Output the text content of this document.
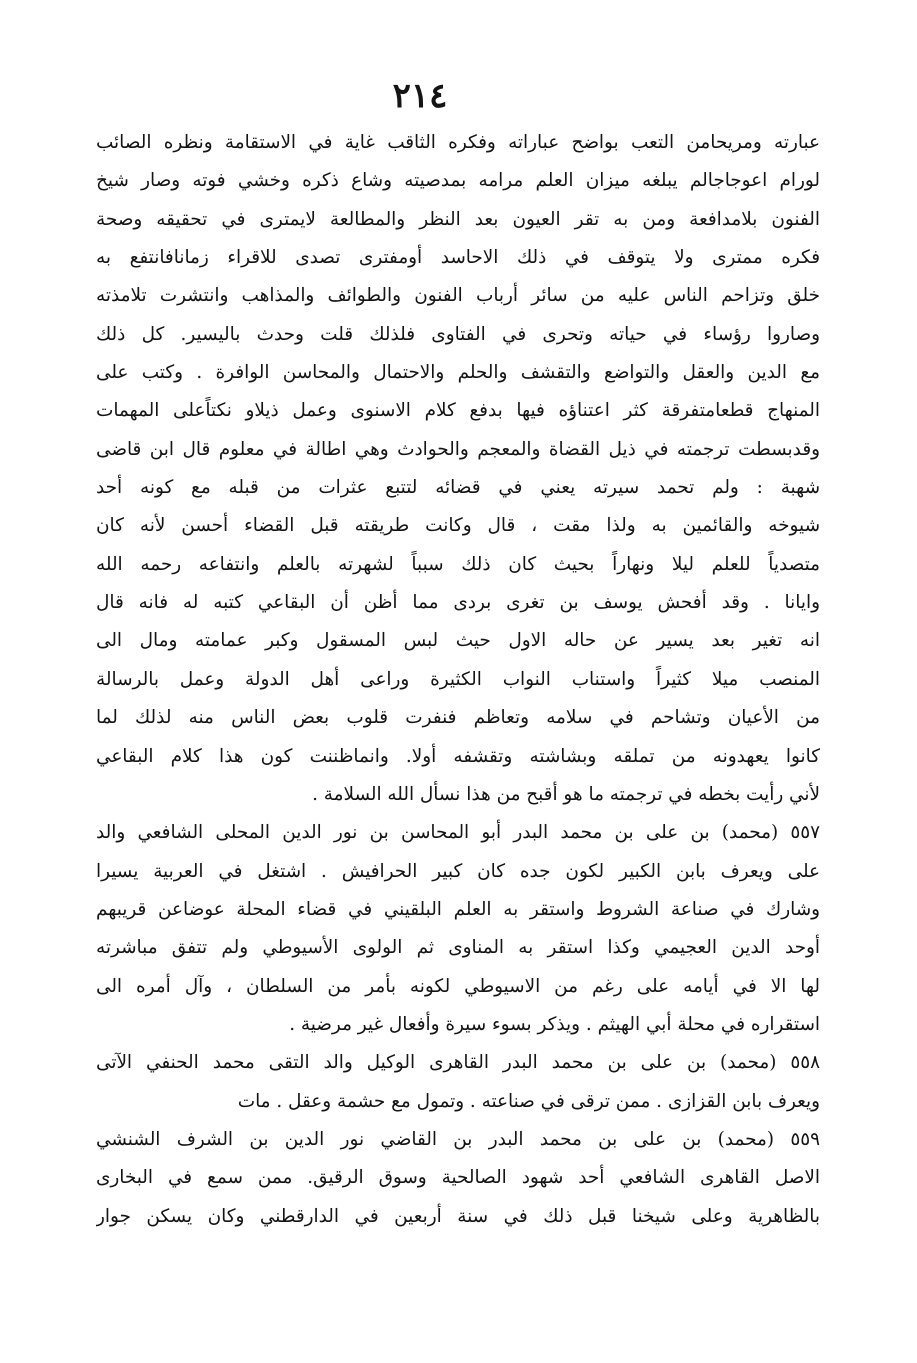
٢١٤
عبارته ومريحامن التعب بواضح عباراته وفكره الثاقب غاية في الاستقامة ونظره الصائب
لورام اعوجاجالم يبلغه ميزان العلم مرامه بمدصيته وشاع ذكره وخشي فوته وصار شيخ
الفنون بلامدافعة ومن به تقر العيون بعد النظر والمطالعة لايمترى في تحقيقه وصحة
فكره ممترى ولا يتوقف في ذلك الاحاسد أومفترى تصدى للاقراء زمانافانتفع به
خلق وتزاحم الناس عليه من سائر أرباب الفنون والطوائف والمذاهب وانتشرت تلامذته
وصاروا رؤساء في حياته وتحرى في الفتاوى فلذلك قلت وحدث باليسير. كل ذلك
مع الدين والعقل والتواضع والتقشف والحلم والاحتمال والمحاسن الوافرة . وكتب على
المنهاج قطعامتفرقة كثر اعتناؤه فيها بدفع كلام الاسنوى وعمل ذيلاو نكتاًعلى المهمات
وقدبسطت ترجمته في ذيل القضاة والمعجم والحوادث وهي اطالة في معلوم قال ابن قاضى
شهبة : ولم تحمد سيرته يعني في قضائه لتتبع عثرات من قبله مع كونه أحد
شيوخه والقائمين به ولذا مقت ، قال وكانت طريقته قبل القضاء أحسن لأنه كان
متصدياً للعلم ليلا ونهاراً بحيث كان ذلك سبباً لشهرته بالعلم وانتفاعه رحمه الله
وايانا . وقد أفحش يوسف بن تغرى بردى مما أظن أن البقاعي كتبه له فانه قال
انه تغير بعد يسير عن حاله الاول حيث لبس المسقول وكبر عمامته ومال الى
المنصب ميلا كثيراً واستناب النواب الكثيرة وراعى أهل الدولة وعمل بالرسالة
من الأعيان وتشاحم في سلامه وتعاظم فنفرت قلوب بعض الناس منه لذلك لما
كانوا يعهدونه من تملقه وبشاشته وتقشفه أولا. وانماظننت كون هذا كلام البقاعي
لأني رأيت بخطه في ترجمته ما هو أقبح من هذا نسأل الله السلامة .
٥٥٧ (محمد) بن على بن محمد البدر أبو المحاسن بن نور الدين المحلى الشافعي والد
على ويعرف بابن الكبير لكون جده كان كبير الحرافيش . اشتغل في العربية يسيرا
وشارك في صناعة الشروط واستقر به العلم البلقيني في قضاء المحلة عوضاعن قريبهم
أوحد الدين العجيمي وكذا استقر به المناوى ثم الولوى الأسيوطي ولم تتفق مباشرته
لها الا في أيامه على رغم من الاسيوطي لكونه بأمر من السلطان ، وآل أمره الى
استقراره في محلة أبي الهيثم . ويذكر بسوء سيرة وأفعال غير مرضية .
٥٥٨ (محمد) بن على بن محمد البدر القاهرى الوكيل والد التقى محمد الحنفي الآتى
ويعرف بابن القزازى . ممن ترقى في صناعته . وتمول مع حشمة وعقل . مات
٥٥٩ (محمد) بن على بن محمد البدر بن القاضي نور الدين بن الشرف الشنشي
الاصل القاهرى الشافعي أحد شهود الصالحية وسوق الرقيق. ممن سمع في البخارى
بالظاهرية وعلى شيخنا قبل ذلك في سنة أربعين في الدارقطني وكان يسكن جوار
